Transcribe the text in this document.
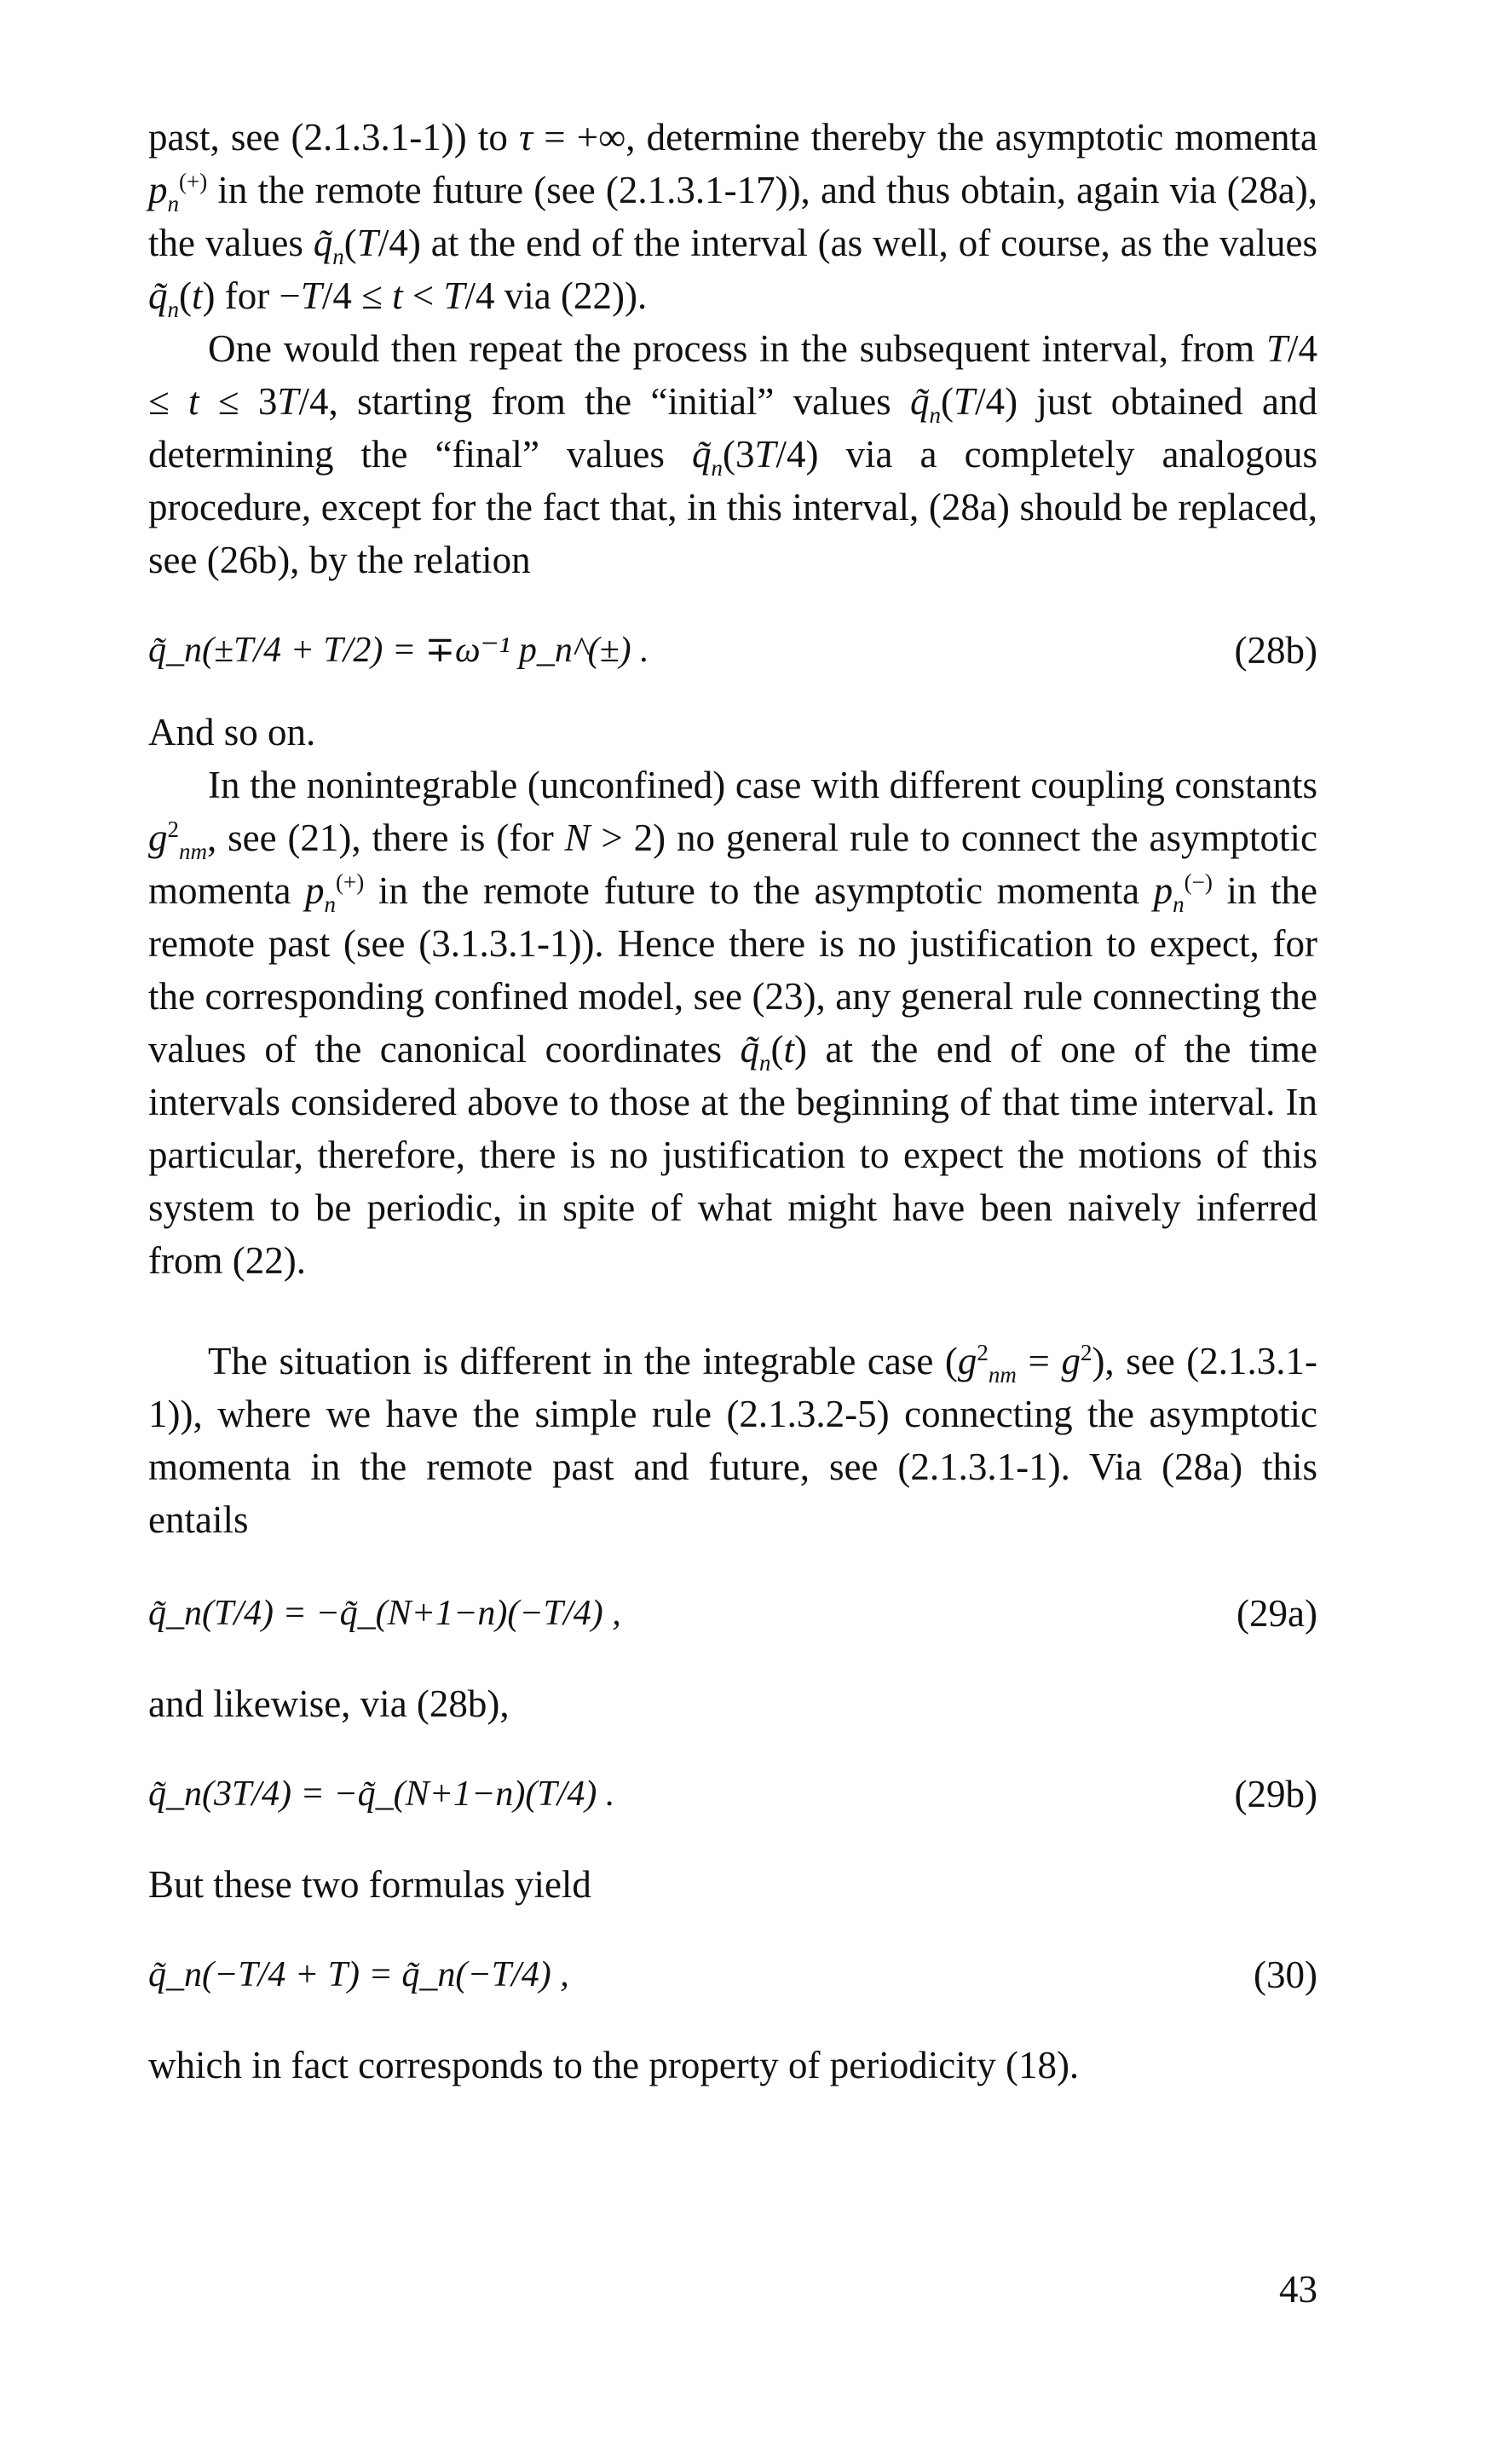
past, see (2.1.3.1-1)) to τ = +∞, determine thereby the asymptotic momenta $p_n^{(+)}$ in the remote future (see (2.1.3.1-17)), and thus obtain, again via (28a), the values $q̃_n(T/4)$ at the end of the interval (as well, of course, as the values $q̃_n(t)$ for −T/4 ≤ t < T/4 via (22)).

One would then repeat the process in the subsequent interval, from T/4 ≤ t ≤ 3T/4, starting from the “initial” values $q̃_n(T/4)$ just obtained and determining the “final” values $q̃_n(3T/4)$ via a completely analogous procedure, except for the fact that, in this interval, (28a) should be replaced, see (26b), by the relation

q̃_n(±T/4 + T/2) = ∓ω⁻¹ p_n^(±) .	(28b)

And so on.

In the nonintegrable (unconfined) case with different coupling constants $g^2_{nm}$, see (21), there is (for N > 2) no general rule to connect the asymptotic momenta $p_n^{(+)}$ in the remote future to the asymptotic momenta $p_n^{(-)}$ in the remote past (see (3.1.3.1-1)). Hence there is no justification to expect, for the corresponding confined model, see (23), any general rule connecting the values of the canonical coordinates $q̃_n(t)$ at the end of one of the time intervals considered above to those at the beginning of that time interval. In particular, therefore, there is no justification to expect the motions of this system to be periodic, in spite of what might have been naively inferred from (22).

The situation is different in the integrable case $(g^2_{nm} = g^2)$, see (2.1.3.1-1)), where we have the simple rule (2.1.3.2-5) connecting the asymptotic momenta in the remote past and future, see (2.1.3.1-1). Via (28a) this entails

q̃_n(T/4) = −q̃_(N+1−n)(−T/4) ,	(29a)

and likewise, via (28b),

q̃_n(3T/4) = −q̃_(N+1−n)(T/4) .	(29b)

But these two formulas yield

q̃_n(−T/4 + T) = q̃_n(−T/4) ,	(30)

which in fact corresponds to the property of periodicity (18).

43
